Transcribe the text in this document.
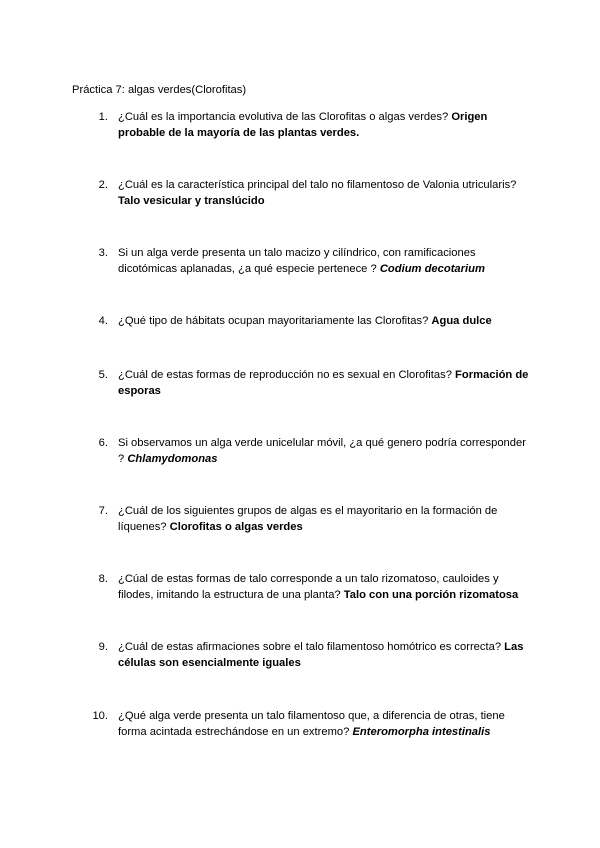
Práctica 7: algas verdes(Clorofitas)
1. ¿Cuál es la importancia evolutiva de las Clorofitas o algas verdes? Origen probable de la mayoría de las plantas verdes.
2. ¿Cuál es la característica principal del talo no filamentoso de Valonia utricularis? Talo vesicular y translúcido
3. Si un alga verde presenta un talo macizo y cilíndrico, con ramificaciones dicotómicas aplanadas, ¿a qué especie pertenece ? Codium decotarium
4. ¿Qué tipo de hábitats ocupan mayoritariamente las Clorofitas? Agua dulce
5. ¿Cuál de estas formas de reproducción no es sexual en Clorofitas? Formación de esporas
6. Si observamos un alga verde unicelular móvil, ¿a qué genero podría corresponder ? Chlamydomonas
7. ¿Cuál de los siguientes grupos de algas es el mayoritario en la formación de líquenes? Clorofitas o algas verdes
8. ¿Cúal de estas formas de talo corresponde a un talo rizomatoso, cauloides y filodes, imitando la estructura de una planta? Talo con una porción rizomatosa
9. ¿Cuál de estas afirmaciones sobre el talo filamentoso homótrico es correcta? Las células son esencialmente iguales
10. ¿Qué alga verde presenta un talo filamentoso que, a diferencia de otras, tiene forma acintada estrechándose en un extremo? Enteromorpha intestinalis
